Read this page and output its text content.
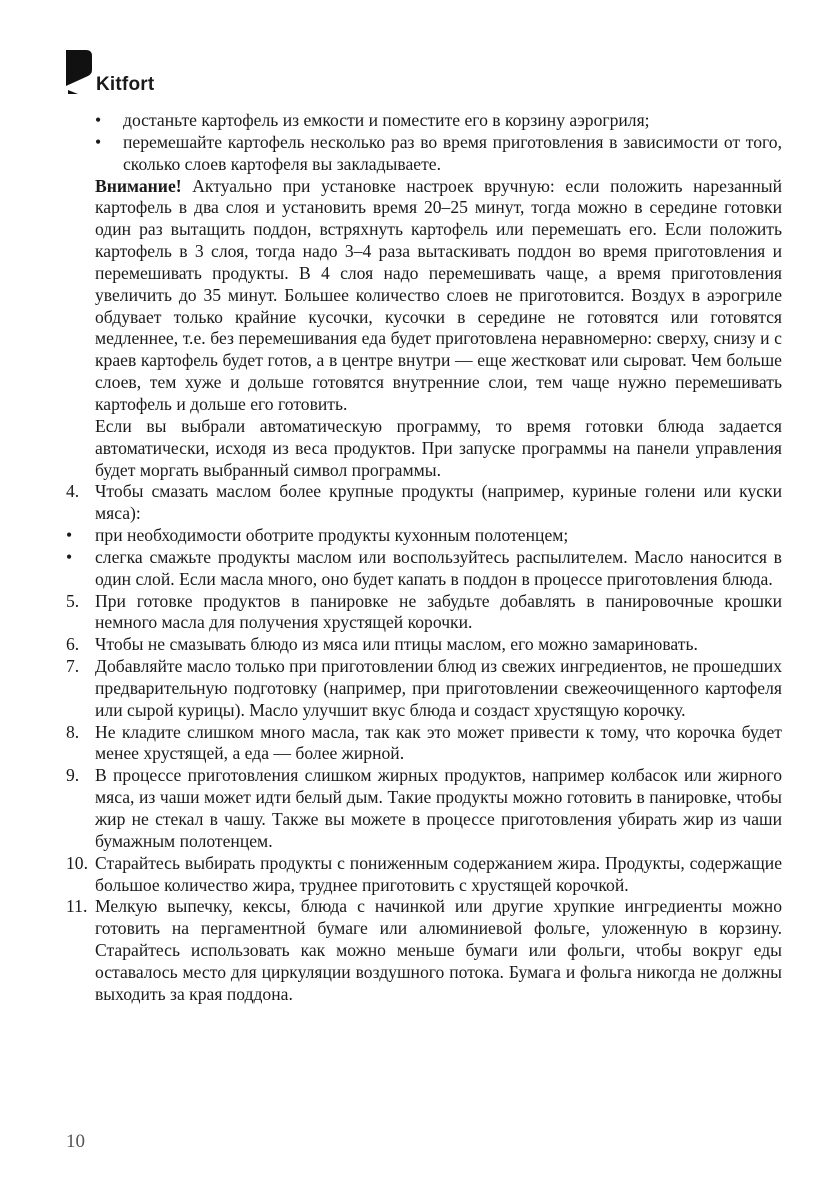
Kitfort
• достаньте картофель из емкости и поместите его в корзину аэрогриля;
• перемешайте картофель несколько раз во время приготовления в зависимости от того, сколько слоев картофеля вы закладываете.
Внимание! Актуально при установке настроек вручную: если положить нарезанный картофель в два слоя и установить время 20–25 минут, тогда можно в середине готовки один раз вытащить поддон, встряхнуть картофель или перемешать его. Если положить картофель в 3 слоя, тогда надо 3–4 раза вытаскивать поддон во время приготовления и перемешивать продукты. В 4 слоя надо перемешивать чаще, а время приготовления увеличить до 35 минут. Большее количество слоев не приготовится. Воздух в аэрогриле обдувает только крайние кусочки, кусочки в середине не готовятся или готовятся медленнее, т.е. без перемешивания еда будет приготовлена неравномерно: сверху, снизу и с краев картофель будет готов, а в центре внутри — еще жестковат или сыроват. Чем больше слоев, тем хуже и дольше готовятся внутренние слои, тем чаще нужно перемешивать картофель и дольше его готовить.
Если вы выбрали автоматическую программу, то время готовки блюда задается автоматически, исходя из веса продуктов. При запуске программы на панели управления будет моргать выбранный символ программы.
4. Чтобы смазать маслом более крупные продукты (например, куриные голени или куски мяса):
• при необходимости оботрите продукты кухонным полотенцем;
• слегка смажьте продукты маслом или воспользуйтесь распылителем. Масло наносится в один слой. Если масла много, оно будет капать в поддон в процессе приготовления блюда.
5. При готовке продуктов в панировке не забудьте добавлять в панировочные крошки немного масла для получения хрустящей корочки.
6. Чтобы не смазывать блюдо из мяса или птицы маслом, его можно замариновать.
7. Добавляйте масло только при приготовлении блюд из свежих ингредиентов, не прошедших предварительную подготовку (например, при приготовлении свежеочищенного картофеля или сырой курицы). Масло улучшит вкус блюда и создаст хрустящую корочку.
8. Не кладите слишком много масла, так как это может привести к тому, что корочка будет менее хрустящей, а еда — более жирной.
9. В процессе приготовления слишком жирных продуктов, например колбасок или жирного мяса, из чаши может идти белый дым. Такие продукты можно готовить в панировке, чтобы жир не стекал в чашу. Также вы можете в процессе приготовления убирать жир из чаши бумажным полотенцем.
10. Старайтесь выбирать продукты с пониженным содержанием жира. Продукты, содержащие большое количество жира, труднее приготовить с хрустящей корочкой.
11. Мелкую выпечку, кексы, блюда с начинкой или другие хрупкие ингредиенты можно готовить на пергаментной бумаге или алюминиевой фольге, уложенную в корзину. Старайтесь использовать как можно меньше бумаги или фольги, чтобы вокруг еды оставалось место для циркуляции воздушного потока. Бумага и фольга никогда не должны выходить за края поддона.
10
